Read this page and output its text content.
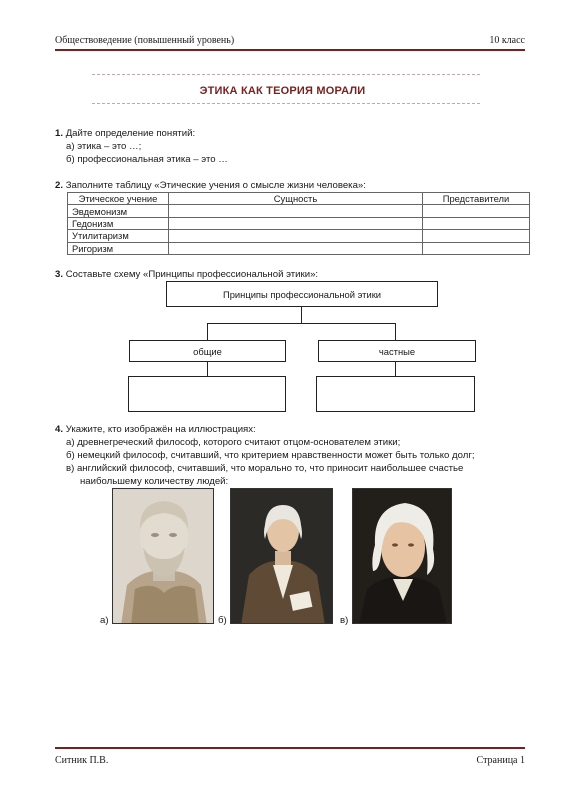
Обществоведение (повышенный уровень)	10 класс
ЭТИКА КАК ТЕОРИЯ МОРАЛИ
1. Дайте определение понятий:
а) этика – это …;
б) профессиональная этика – это …
2. Заполните таблицу «Этические учения о смысле жизни человека»:
Этическое учение	Сущность	Представители
Эвдемонизм		
Гедонизм		
Утилитаризм		
Ригоризм		
3. Составьте схему «Принципы профессиональной этики»:
Принципы профессиональной этики
общие	частные
4. Укажите, кто изображён на иллюстрациях:
а) древнегреческий философ, которого считают отцом-основателем этики;
б) немецкий философ, считавший, что критерием нравственности может быть только долг;
в) английский философ, считавший, что морально то, что приносит наибольшее счастье
наибольшему количеству людей:
а)	б)	в)
Ситник П.В.	Страница 1
